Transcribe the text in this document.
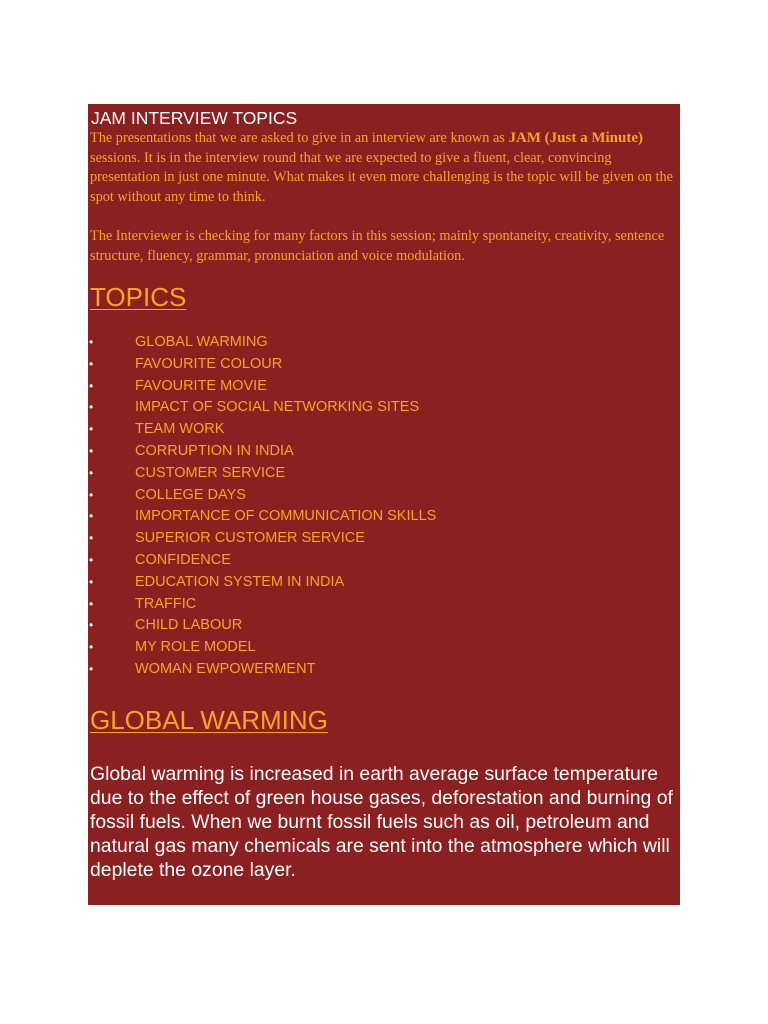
JAM INTERVIEW TOPICS

The presentations that we are asked to give in an interview are known as JAM (Just a Minute) sessions. It is in the interview round that we are expected to give a fluent, clear, convincing presentation in just one minute. What makes it even more challenging is the topic will be given on the spot without any time to think.

The Interviewer is checking for many factors in this session; mainly spontaneity, creativity, sentence structure, fluency, grammar, pronunciation and voice modulation.

TOPICS
•	GLOBAL WARMING
•	FAVOURITE COLOUR
•	FAVOURITE MOVIE
•	IMPACT OF SOCIAL NETWORKING SITES
•	TEAM WORK
•	CORRUPTION IN INDIA
•	CUSTOMER SERVICE
•	COLLEGE DAYS
•	IMPORTANCE OF COMMUNICATION SKILLS
•	SUPERIOR CUSTOMER SERVICE
•	CONFIDENCE
•	EDUCATION SYSTEM IN INDIA
•	TRAFFIC
•	CHILD LABOUR
•	MY ROLE MODEL
•	WOMAN EWPOWERMENT
GLOBAL WARMING

Global warming is increased in earth average surface temperature due to the effect of green house gases, deforestation and burning of fossil fuels. When we burnt fossil fuels such as oil, petroleum and natural gas many chemicals are sent into the atmosphere which will deplete the ozone layer.
